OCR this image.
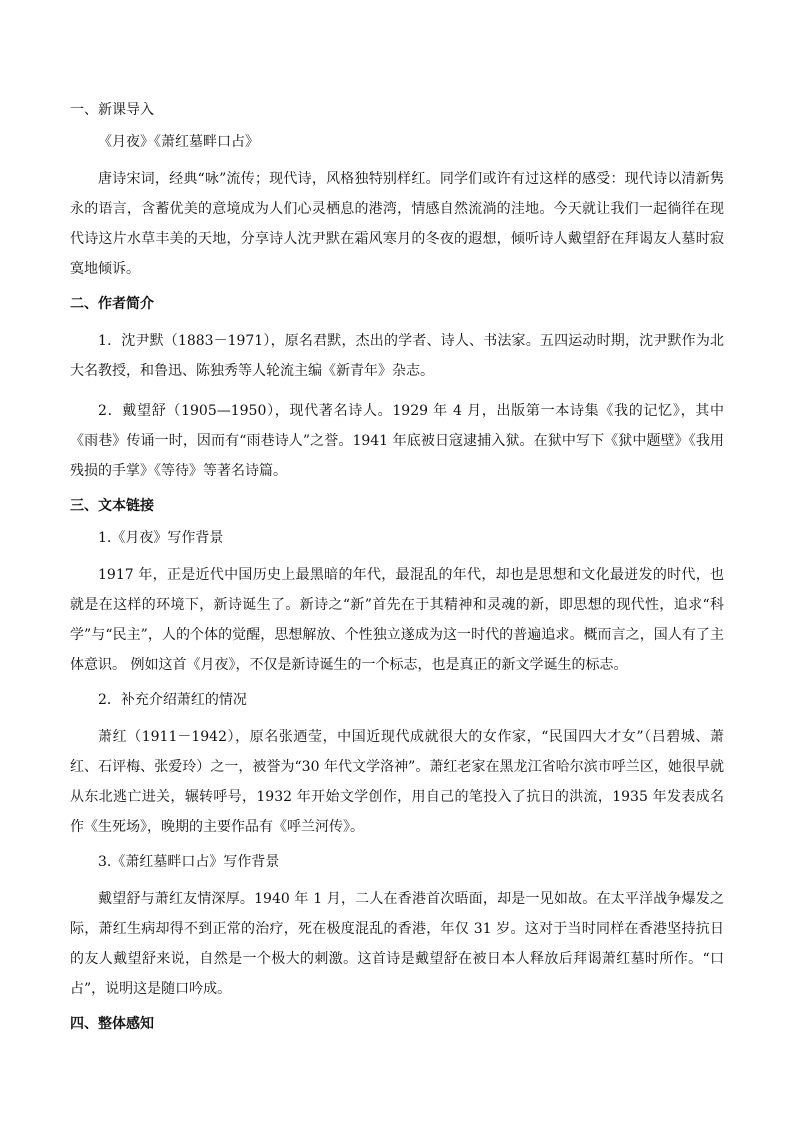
一、新课导入
《月夜》《萧红墓畔口占》

唐诗宋词，经典“咏”流传；现代诗，风格独特别样红。同学们或许有过这样的感受：现代诗以清新隽永的语言，含蓄优美的意境成为人们心灵栖息的港湾，情感自然流淌的洼地。今天就让我们一起徜徉在现代诗这片水草丰美的天地，分享诗人沈尹默在霜风寒月的冬夜的遐想，倾听诗人戴望舒在拜谒友人墓时寂寞地倾诉。

二、作者简介

1．沈尹默（1883－1971），原名君默，杰出的学者、诗人、书法家。五四运动时期，沈尹默作为北大名教授，和鲁迅、陈独秀等人轮流主编《新青年》杂志。

2．戴望舒（1905—1950），现代著名诗人。1929 年 4 月，出版第一本诗集《我的记忆》，其中《雨巷》传诵一时，因而有“雨巷诗人”之誉。1941 年底被日寇逮捕入狱。在狱中写下《狱中题壁》《我用残损的手掌》《等待》等著名诗篇。

三、文本链接
1.《月夜》写作背景

1917 年，正是近代中国历史上最黑暗的年代，最混乱的年代，却也是思想和文化最迸发的时代，也就是在这样的环境下，新诗诞生了。新诗之“新”首先在于其精神和灵魂的新，即思想的现代性，追求“科学”与“民主”，人的个体的觉醒，思想解放、个性独立遂成为这一时代的普遍追求。概而言之，国人有了主体意识。 例如这首《月夜》，不仅是新诗诞生的一个标志，也是真正的新文学诞生的标志。

2．补充介绍萧红的情况

萧红（1911－1942），原名张迺莹，中国近现代成就很大的女作家，“民国四大才女”（吕碧城、萧红、石评梅、张爱玲）之一，被誉为“30 年代文学洛神”。萧红老家在黑龙江省哈尔滨市呼兰区，她很早就从东北逃亡进关，辗转呼号，1932 年开始文学创作，用自己的笔投入了抗日的洪流，1935 年发表成名作《生死场》，晚期的主要作品有《呼兰河传》。

3.《萧红墓畔口占》写作背景

戴望舒与萧红友情深厚。1940 年 1 月，二人在香港首次晤面，却是一见如故。在太平洋战争爆发之际，萧红生病却得不到正常的治疗，死在极度混乱的香港，年仅 31 岁。这对于当时同样在香港坚持抗日的友人戴望舒来说，自然是一个极大的刺激。这首诗是戴望舒在被日本人释放后拜谒萧红墓时所作。“口占”，说明这是随口吟成。

四、整体感知
